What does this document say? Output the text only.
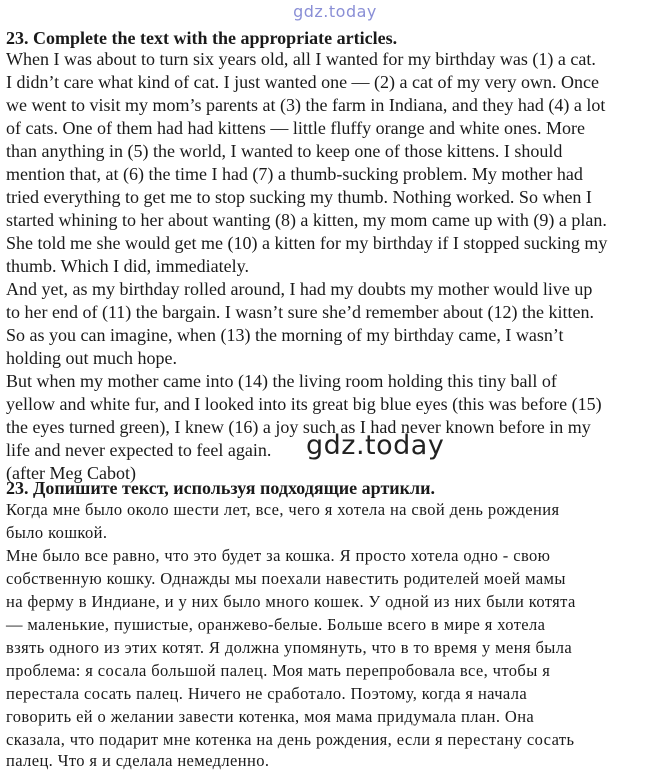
gdz.today
23. Complete the text with the appropriate articles.
When I was about to turn six years old, all I wanted for my birthday was (1) a cat.
I didn’t care what kind of cat. I just wanted one — (2) a cat of my very own. Once
we went to visit my mom’s parents at (3) the farm in Indiana, and they had (4) a lot
of cats. One of them had had kittens — little fluffy orange and white ones. More
than anything in (5) the world, I wanted to keep one of those kittens. I should
mention that, at (6) the time I had (7) a thumb-sucking problem. My mother had
tried everything to get me to stop sucking my thumb. Nothing worked. So when I
started whining to her about wanting (8) a kitten, my mom came up with (9) a plan.
She told me she would get me (10) a kitten for my birthday if I stopped sucking my
thumb. Which I did, immediately.
And yet, as my birthday rolled around, I had my doubts my mother would live up
to her end of (11) the bargain. I wasn’t sure she’d remember about (12) the kitten.
So as you can imagine, when (13) the morning of my birthday came, I wasn’t
holding out much hope.
But when my mother came into (14) the living room holding this tiny ball of
yellow and white fur, and I looked into its great big blue eyes (this was before (15)
the eyes turned green), I knew (16) a joy such as I had never known before in my
life and never expected to feel again.
(after Meg Cabot)
gdz.today
23. Допишите текст, используя подходящие артикли.
Когда мне было около шести лет, все, чего я хотела на свой день рождения
было кошкой.
Мне было все равно, что это будет за кошка. Я просто хотела одно - свою
собственную кошку. Однажды мы поехали навестить родителей моей мамы
на ферму в Индиане, и у них было много кошек. У одной из них были котята
— маленькие, пушистые, оранжево-белые. Больше всего в мире я хотела
взять одного из этих котят. Я должна упомянуть, что в то время у меня была
проблема: я сосала большой палец. Моя мать перепробовала все, чтобы я
перестала сосать палец. Ничего не сработало. Поэтому, когда я начала
говорить ей о желании завести котенка, моя мама придумала план. Она
сказала, что подарит мне котенка на день рождения, если я перестану сосать
палец. Что я и сделала немедленно.
